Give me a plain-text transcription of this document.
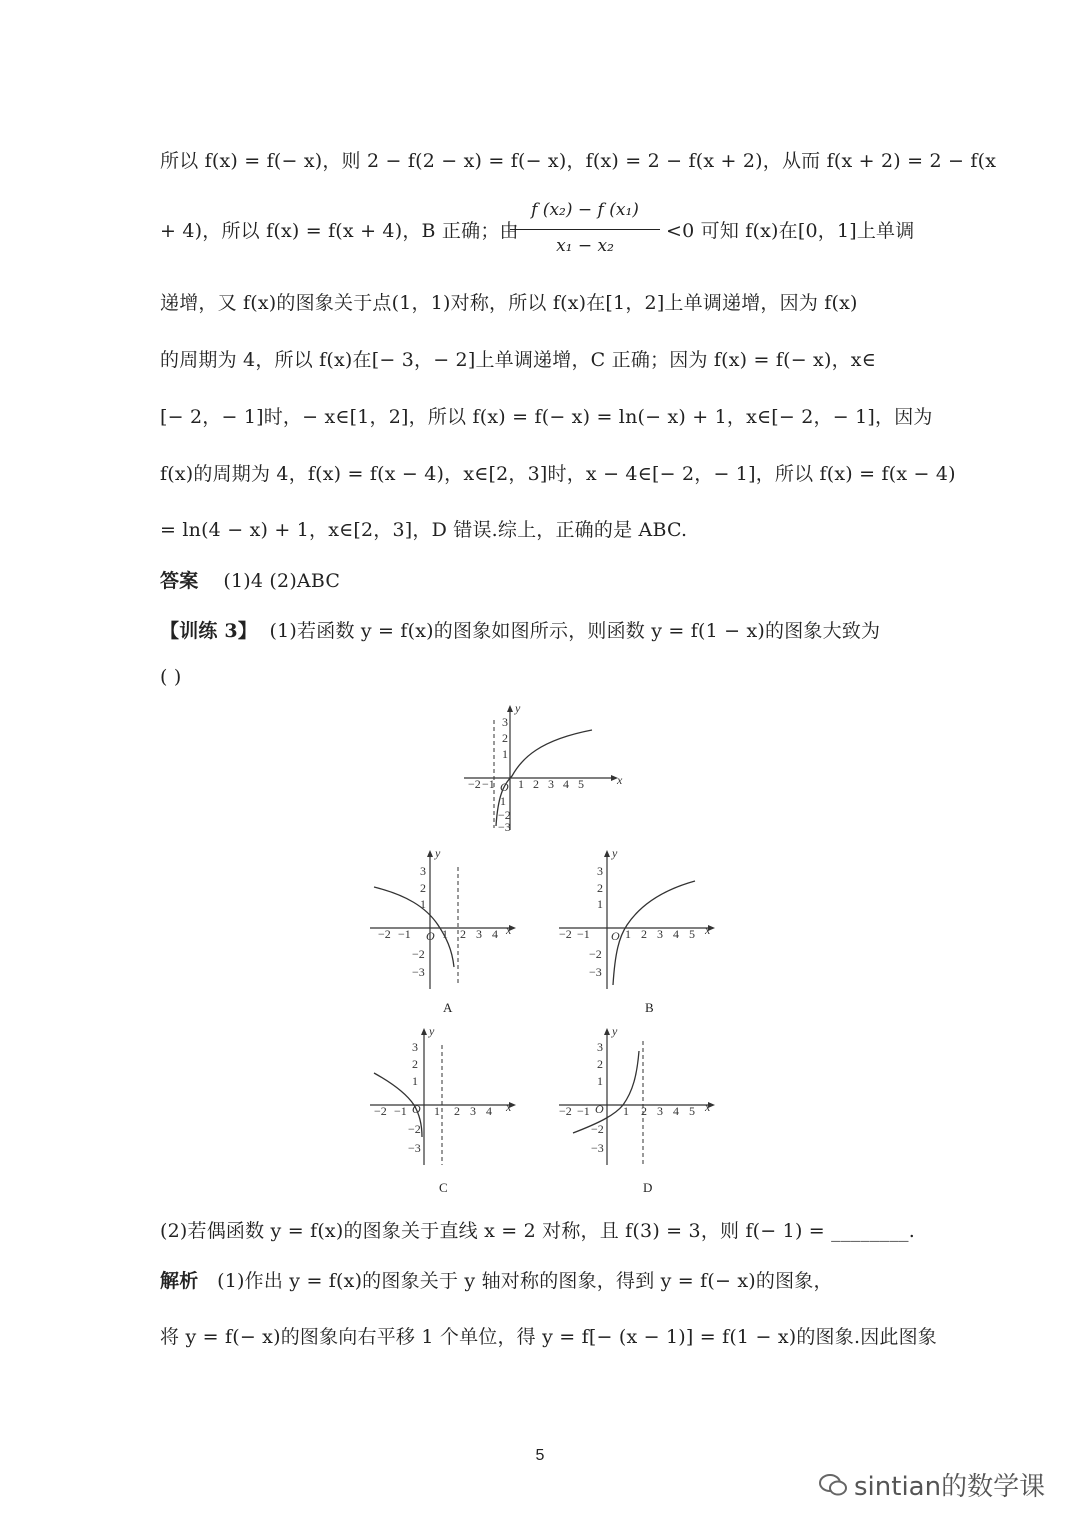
所以 f(x) = f(− x)，则 2 − f(2 − x) = f(− x)，f(x) = 2 − f(x + 2)，从而 f(x + 2) = 2 − f(x
+ 4)，所以 f(x) = f(x + 4)，B 正确；由
f (x₂) − f (x₁)
x₁ − x₂
<0 可知 f(x)在[0，1]上单调
递增，又 f(x)的图象关于点(1，1)对称，所以 f(x)在[1，2]上单调递增，因为 f(x)
的周期为 4，所以 f(x)在[− 3，− 2]上单调递增，C 正确；因为 f(x) = f(− x)，x∈
[− 2，− 1]时，− x∈[1，2]，所以 f(x) = f(− x) = ln(− x) + 1，x∈[− 2，− 1]，因为
f(x)的周期为 4，f(x) = f(x − 4)，x∈[2，3]时，x − 4∈[− 2，− 1]，所以 f(x) = f(x − 4)
= ln(4 − x) + 1，x∈[2，3]，D 错误.综上，正确的是 ABC.
答案 (1)4 (2)ABC
【训练 3】 (1)若函数 y = f(x)的图象如图所示，则函数 y = f(1 − x)的图象大致为
( )
y
x
O
−2 −1 1 2 3 4 5
3
2
1
1
−2
−3
y
x
O
−2 −1	1 2 3 4
3
2
1
−2
−3
A
y
x
O
−2 −1	1 2 3 4 5
3
2
1
−2
−3
B
y
x
O
−2 −1 1 2 3 4
3
2
1
−2
−3
C
y
x
O
−2 −1	1 2 3 4 5
3
2
1
−2
−3
D
(2)若偶函数 y = f(x)的图象关于直线 x = 2 对称，且 f(3) = 3，则 f(− 1) = ________.
解析 (1)作出 y = f(x)的图象关于 y 轴对称的图象，得到 y = f(− x)的图象，
将 y = f(− x)的图象向右平移 1 个单位，得 y = f[− (x − 1)] = f(1 − x)的图象.因此图象
5
sintian的数学课
